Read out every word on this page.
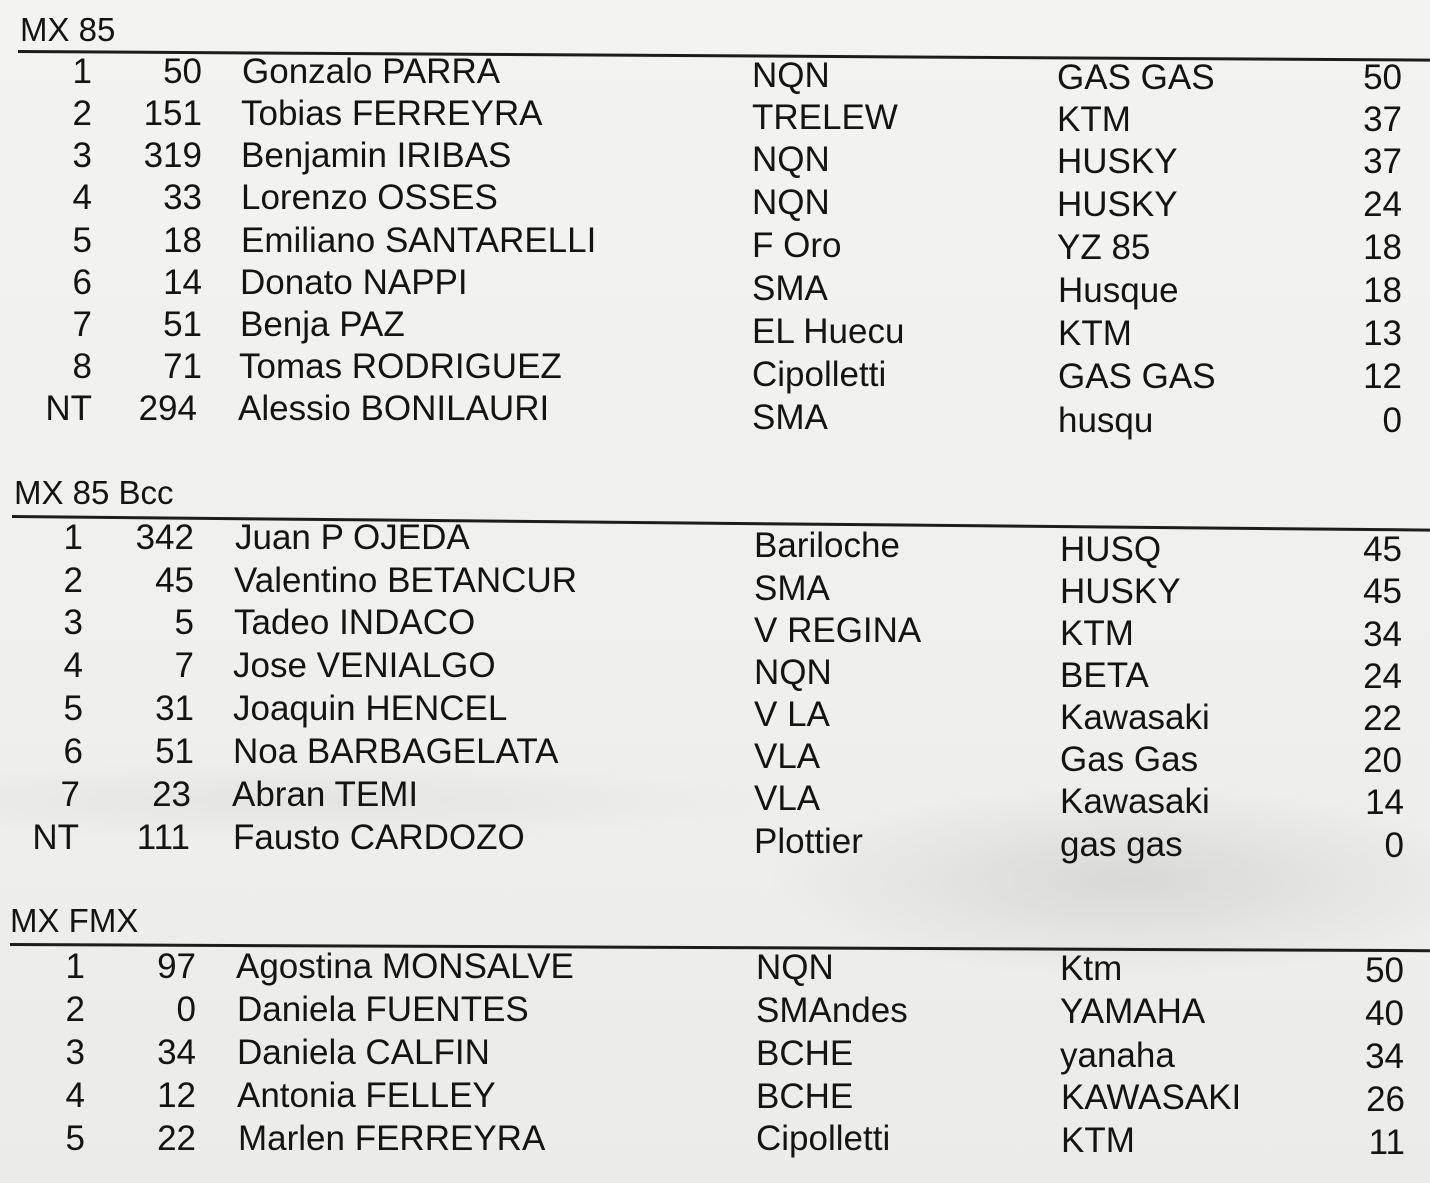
MX 85
1	50 Gonzalo PARRA	NQN	GAS GAS	50
2	151 Tobias FERREYRA	TRELEW	KTM	37
3	319 Benjamin IRIBAS	NQN	HUSKY	37
4	33 Lorenzo OSSES	NQN	HUSKY	24
5	18 Emiliano SANTARELLI	F Oro	YZ 85	18
6	14 Donato NAPPI	SMA	Husque	18
7	51 Benja PAZ	EL Huecu	KTM	13
8	71 Tomas RODRIGUEZ	Cipolletti	GAS GAS	12
NT	294 Alessio BONILAURI	SMA	husqu	0
MX 85 Bcc
1	342 Juan P OJEDA	Bariloche	HUSQ	45
2	45 Valentino BETANCUR	SMA	HUSKY	45
3	5 Tadeo INDACO	V REGINA	KTM	34
4	7 Jose VENIALGO	NQN	BETA	24
5	31 Joaquin HENCEL	V LA	Kawasaki	22
6	51 Noa BARBAGELATA	VLA	Gas Gas	20
7	23 Abran TEMI	VLA	Kawasaki	14
NT	111 Fausto CARDOZO	Plottier	gas gas	0
MX FMX
1	97 Agostina MONSALVE	NQN	Ktm	50
2	0 Daniela FUENTES	SMAndes	YAMAHA	40
3	34 Daniela CALFIN	BCHE	yanaha	34
4	12 Antonia FELLEY	BCHE	KAWASAKI	26
5	22 Marlen FERREYRA	Cipolletti	KTM	11
